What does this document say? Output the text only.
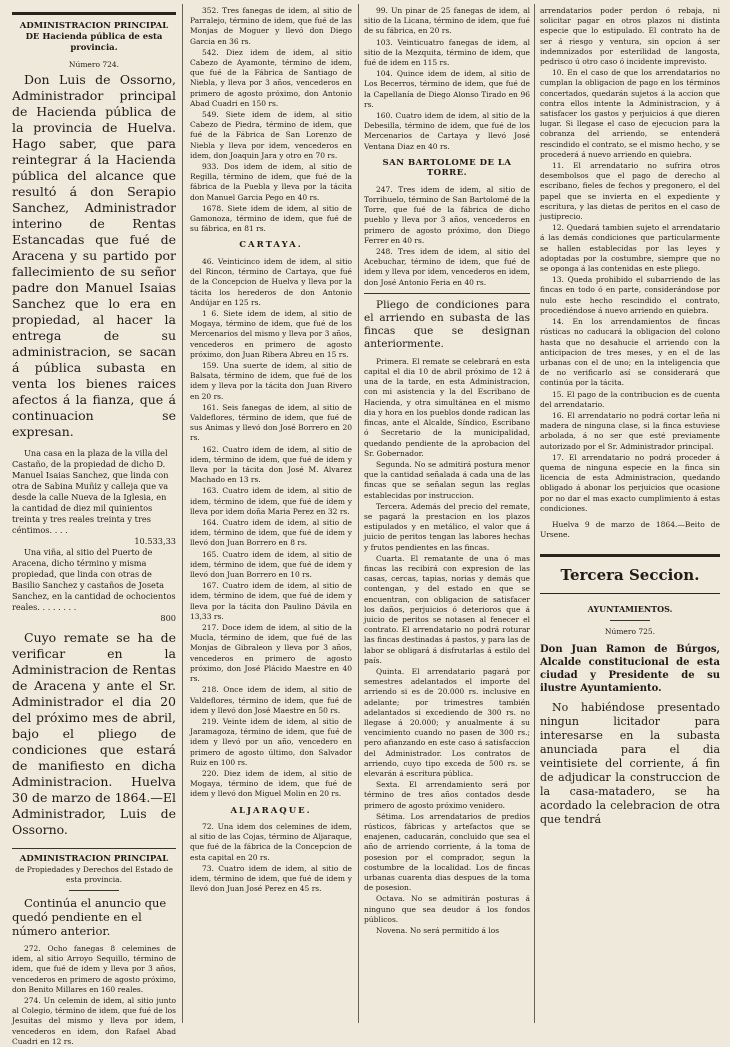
ADMINISTRACION PRINCIPAL DE Hacienda pública de esta provincia.
Número 724.

Don Luis de Ossorno, Administrador principal de Hacienda pública de la provincia de Huelva. Hago saber, que para reintegrar á la Hacienda pública del alcance que resultó á don Serapio Sanchez, Administrador interino de Rentas Estancadas que fué de Aracena y su partido por fallecimiento de su señor padre don Manuel Isaias Sanchez que lo era en propiedad, al hacer la entrega de su administracion, se sacan á pública subasta en venta los bienes raices afectos á la fianza, que á continuacion se expresan.

Una casa en la plaza de la villa del Castaño, de la propiedad de dicho D. Manuel Isaias Sanchez, que linda con otra de Sabina Muñiz y calleja que va desde la calle Nueva de la Iglesia, en la cantidad de diez mil quinientos treinta y tres reales treinta y tres céntimos. . . .
10.533,33
Una viña, al sitio del Puerto de Aracena, dicho término y misma propiedad, que linda con otras de Basilio Sanchez y castaños de Joseta Sanchez, en la cantidad de ochocientos reales. . . . . . . .
800

Cuyo remate se ha de verificar en la Administracion de Rentas de Aracena y ante el Sr. Administrador el dia 20 del próximo mes de abril, bajo el pliego de condiciones que estará de manifiesto en dicha Administracion. Huelva 30 de marzo de 1864.—El Administrador, Luis de Ossorno.

ADMINISTRACION PRINCIPAL
de Propiedades y Derechos del Estado de esta provincia.

Continúa el anuncio que quedó pendiente en el número anterior.

272. Ocho fanegas 8 celemines de idem, al sitio Arroyo Sequillo, término de idem, que fué de idem y lleva por 3 años, vencederos en primero de agosto próximo, don Benito Millares en 160 reales.

274. Un celemin de idem, al sitio junto al Colegio, término de idem, que fué de los Jesuitas del mismo y lleva por idem, vencederos en idem, don Rafael Abad Cuadri en 12 rs.

352. Tres fanegas de idem, al sitio de Parralejo, término de idem, que fué de las Monjas de Moguer y llevó don Diego Garcia en 36 rs.

542. Diez idem de idem, al sitio Cabezo de Ayamonte, término de idem, que fué de la Fábrica de Santiago de Niebla, y lleva por 3 años, vencederos en primero de agosto próximo, don Antonio Abad Cuadri en 150 rs.

549. Siete idem de idem, al sitio Cabezo de Piedra, término de idem, que fué de la Fábrica de San Lorenzo de Niebla y lleva por idem, vencederos en idem, don Joaquin Jara y otro en 70 rs.

933. Dos idem de idem, al sitio de Regilla, término de idem, que fué de la fábrica de la Puebla y lleva por la tácita don Manuel Garcia Pego en 40 rs.

1678. Siete idem de idem, al sitio de Gamonoza, término de idem, que fué de su fábrica, en 81 rs.

CARTAYA.

46. Veinticinco idem de idem, al sitio del Rincon, término de Cartaya, que fué de la Concepcion de Huelva y lleva por la tácita los herederos de don Antonio Andújar en 125 rs.

1 6. Siete idem de idem, al sitio de Mogaya, término de idem, que fué de los Mercenarios del mismo y lleva por 3 años, vencederos en primero de agosto próximo, don Juan Ribera Abreu en 15 rs.

159. Una suerte de idem, al sitio de Balsata, término de idem, que fué de los idem y lleva por la tácita don Juan Rivero en 20 rs.

161. Seis fanegas de idem, al sitio de Valdeflores, término de idem, que fué de sus Animas y llevó don José Borrero en 20 rs.

162. Cuatro idem de idem, al sitio de idem, término de idem, que fué de idem y lleva por la tácita don José M. Alvarez Machado en 13 rs.

163. Cuatro idem de idem, al sitio de idem, término de idem, que fué de idem y lleva por idem doña Maria Perez en 32 rs.

164. Cuatro idem de idem, al sitio de idem, término de idem, que fué de idem y llevó don Juan Borrero en 8 rs.

165. Cuatro idem de idem, al sitio de idem, término de idem, que fué de idem y llevó don Juan Borrero en 10 rs.

167. Cuatro idem de idem, al sitio de idem, término de idem, que fué de idem y lleva por la tácita don Paulino Dávila en 13,33 rs.

217. Doce idem de idem, al sitio de la Mucla, término de idem, que fué de las Monjas de Gibraleon y lleva por 3 años, vencederos en primero de agosto próximo, don José Plácido Maestre en 40 rs.

218. Once idem de idem, al sitio de Valdeflores, término de idem, que fué de idem y llevó don José Maestre en 50 rs.

219. Veinte idem de idem, al sitio de Jaramagoza, término de idem, que fué de idem y llevó por un año, vencedero en primero de agosto último, don Salvador Ruiz en 100 rs.

220. Diez idem de idem, al sitio de Mogaya, término de idem, que fué de idem y llevó don Miguel Molin en 20 rs.

ALJARAQUE.

72. Una idem dos celemines de idem, al sitio de las Cojas, término de Aljaraque, que fué de la fábrica de la Concepcion de esta capital en 20 rs.

73. Cuatro idem de idem, al sitio de idem, término de idem, que fué de idem y llevó don Juan José Perez en 45 rs.

99. Un pinar de 25 fanegas de idem, al sitio de la Licana, término de idem, que fué de su fábrica, en 20 rs.

103. Veinticuatro fanegas de idem, al sitio de la Mezquita, término de idem, que fué de idem en 115 rs.

104. Quince idem de idem, al sitio de Los Becerros, término de idem, que fué de la Capellanía de Diego Alonso Tirado en 96 rs.

160. Cuatro idem de idem, al sitio de la Debesilla, término de idem, que fué de los Mercenarios de Cartaya y llevó José Ventana Diaz en 40 rs.

SAN BARTOLOME DE LA TORRE.

247. Tres idem de idem, al sitio de Torrihuelo, término de San Bartolomé de la Torre, que fué de la fábrica de dicho pueblo y lleva por 3 años, vencederos en primero de agosto próximo, don Diego Ferrer en 40 rs.

248. Tres idem de idem, al sitio del Acebuchar, término de idem, que fué de idem y lleva por idem, vencederos en idem, don José Antonio Feria en 40 rs.

Pliego de condiciones para el arriendo en subasta de las fincas que se designan anteriormente.

Primera. El remate se celebrará en esta capital el dia 10 de abril próximo de 12 á una de la tarde, en esta Administracion, con mi asistencia y la del Escribano de Hacienda, y otra simultánea en el mismo dia y hora en los pueblos donde radican las fincas, ante el Alcalde, Síndico, Escribano ó Secretario de la municipalidad, quedando pendiente de la aprobacion del Sr. Gobernador.

Segunda. No se admitirá postura menor que la cantidad señalada á cada una de las fincas que se señalan segun las reglas establecidas por instruccion.

Tercera. Además del precio del remate, se pagará la prestacion en los plazos estipulados y en metálico, el valor que á juicio de peritos tengan las labores hechas y frutos pendientes en las fincas.

Cuarta. El rematante de una ó mas fincas las recibirá con expresion de las casas, cercas, tapias, norias y demás que contengan, y del estado en que se encuentran, con obligacion de satisfacer los daños, perjuicios ó deterioros que á juicio de peritos se notasen al fenecer el contrato. El arrendatario no podrá roturar las fincas destinadas á pastos, y para las de labor se obligará á disfrutarlas á estilo del país.

Quinta. El arrendatario pagará por semestres adelantados el importe del arriendo si es de 20.000 rs. inclusive en adelante; por trimestres también adelantados si excediendo de 300 rs. no llegase á 20.000; y anualmente á su vencimiento cuando no pasen de 300 rs.; pero afianzando en este caso á satisfaccion del Administrador. Los contratos de arriendo, cuyo tipo exceda de 500 rs. se elevarán á escritura pública.

Sexta. El arrendamiento será por término de tres años contados desde primero de agosto próximo venidero.

Sétima. Los arrendatarios de predios rústicos, fábricas y artefactos que se enajenen, caducarán, concluido que sea el año de arriendo corriente, á la toma de posesion por el comprador, segun la costumbre de la localidad. Los de fincas urbanas cuarenta dias despues de la toma de posesion.

Octava. No se admitirán posturas á ninguno que sea deudor á los fondos públicos.

Novena. No será permitido á los

arrendatarios poder perdon ó rebaja, ni solicitar pagar en otros plazos ni distinta especie que lo estipulado. El contrato ha de ser á riesgo y ventura, sin opcion á ser indemnizados por esterilidad de langosta, pedrisco ú otro caso ó incidente imprevisto.

10. En el caso de que los arrendatarios no cumplan la obligacion de pago en los términos concertados, quedarán sujetos á la accion que contra ellos intente la Administracion, y á satisfacer los gastos y perjuicios á que dieren lugar. Si llegase el caso de ejecucion para la cobranza del arriendo, se entenderá rescindido el contrato, se el mismo hecho, y se procederá á nuevo arriendo en quiebra.

11. El arrendatario no sufrira otros desembolsos que el pago de derecho al escribano, fieles de fechos y pregonero, el del papel que se invierta en el expediente y escritura, y las dietas de peritos en el caso de justiprecio.

12. Quedará tambien sujeto el arrendatario á las demás condiciones que particularmente se hallen establecidas por las leyes y adoptadas por la costumbre, siempre que no se oponga á las contenidas en este pliego.

13. Queda prohibido el subarriendo de las fincas en todo ó en parte, considerándose por nulo este hecho rescindido el contrato, procediéndose á nuevo arriendo en quiebra.

14. En los arrendamientos de fincas rústicas no caducará la obligacion del colono hasta que no desahucie el arriendo con la anticipacion de tres meses, y en el de las urbanas con el de uno; en la inteligencia que de no verificarlo así se considerará que continúa por la tácita.

15. El pago de la contribucion es de cuenta del arrendatario.

16. El arrendatario no podrá cortar leña ni madera de ninguna clase, si la finca estuviese arbolada, á no ser que esté previamente autorizado por el Sr. Administrador principal.

17. El arrendatario no podrá proceder á quema de ninguna especie en la finca sin licencia de esta Administracion, quedando obligado á abonar los perjuicios que ocasione por no dar el mas exacto cumplimiento á estas condiciones.

Huelva 9 de marzo de 1864.—Beito de Ursene.

Tercera Seccion.
AYUNTAMIENTOS.
Número 725.

Don Juan Ramon de Búrgos, Alcalde constitucional de esta ciudad y Presidente de su ilustre Ayuntamiento.

No habiéndose presentado ningun licitador para interesarse en la subasta anunciada para el dia veintisiete del corriente, á fin de adjudicar la construccion de la casa-matadero, se ha acordado la celebracion de otra que tendrá
